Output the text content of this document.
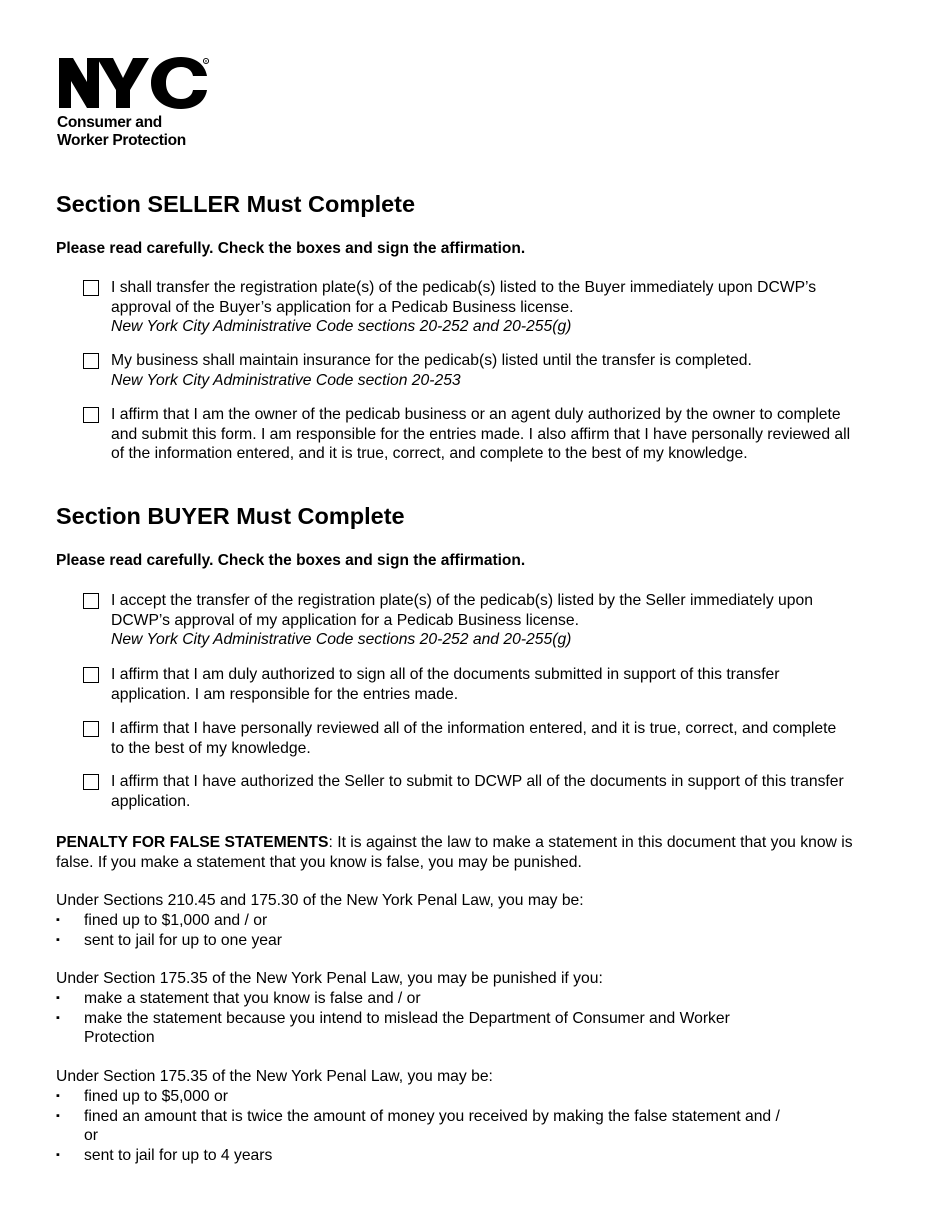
R
Consumer and
Worker Protection
Section SELLER Must Complete

Please read carefully. Check the boxes and sign the affirmation.

I shall transfer the registration plate(s) of the pedicab(s) listed to the Buyer immediately upon DCWP’s approval of the Buyer’s application for a Pedicab Business license.
New York City Administrative Code sections 20-252 and 20-255(g)
My business shall maintain insurance for the pedicab(s) listed until the transfer is completed.
New York City Administrative Code section 20-253
I affirm that I am the owner of the pedicab business or an agent duly authorized by the owner to complete and submit this form. I am responsible for the entries made. I also affirm that I have personally reviewed all of the information entered, and it is true, correct, and complete to the best of my knowledge.
Section BUYER Must Complete

Please read carefully. Check the boxes and sign the affirmation.

I accept the transfer of the registration plate(s) of the pedicab(s) listed by the Seller immediately upon DCWP’s approval of my application for a Pedicab Business license.
New York City Administrative Code sections 20-252 and 20-255(g)
I affirm that I am duly authorized to sign all of the documents submitted in support of this transfer application. I am responsible for the entries made.
I affirm that I have personally reviewed all of the information entered, and it is true, correct, and complete to the best of my knowledge.
I affirm that I have authorized the Seller to submit to DCWP all of the documents in support of this transfer application.

PENALTY FOR FALSE STATEMENTS: It is against the law to make a statement in this document that you know is false. If you make a statement that you know is false, you may be punished.

Under Sections 210.45 and 175.30 of the New York Penal Law, you may be:

▪	fined up to $1,000 and / or
▪	sent to jail for up to one year

Under Section 175.35 of the New York Penal Law, you may be punished if you:

▪	make a statement that you know is false and / or
▪	make the statement because you intend to mislead the Department of Consumer and Worker Protection

Under Section 175.35 of the New York Penal Law, you may be:

▪	fined up to $5,000 or
▪	fined an amount that is twice the amount of money you received by making the false statement and / or
▪	sent to jail for up to 4 years
